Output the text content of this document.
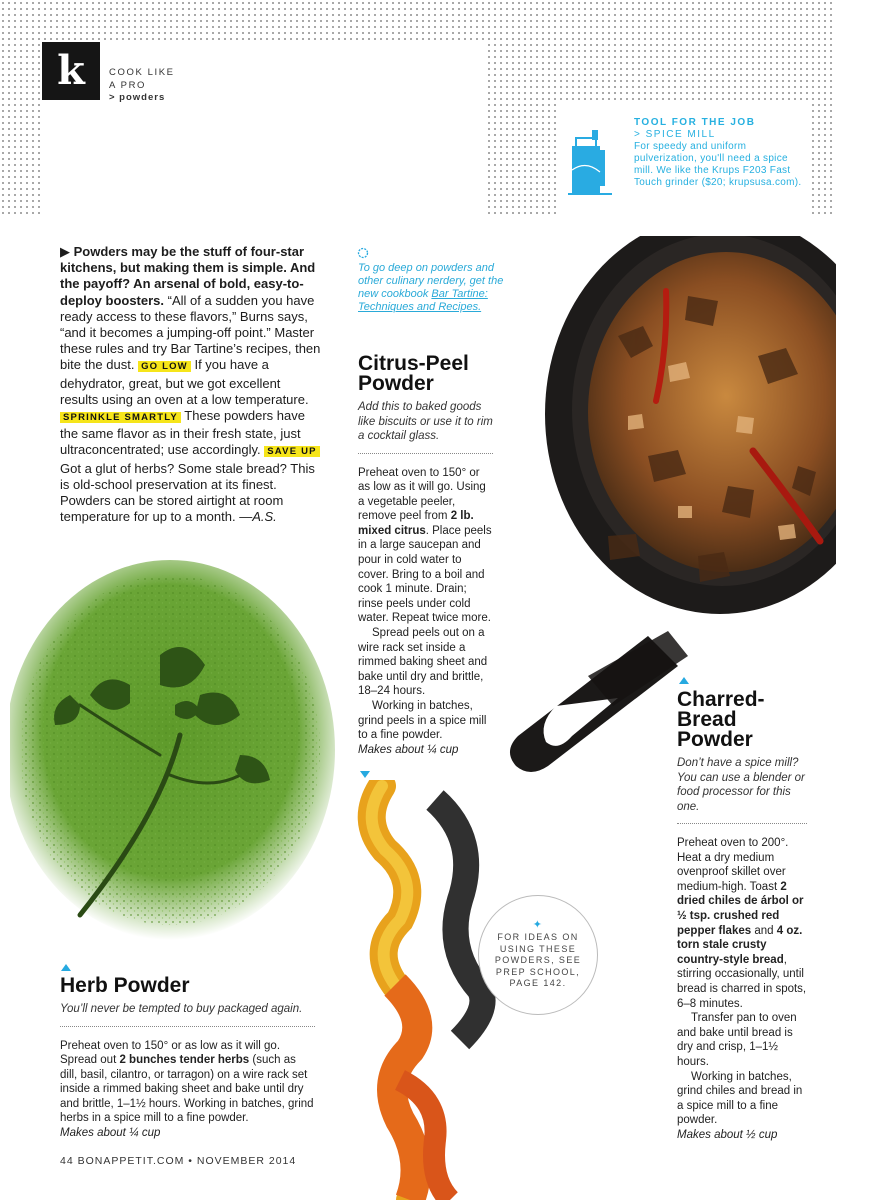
k	COOK LIKE
A PRO
> powders
TOOL FOR THE JOB
> SPICE MILL
For speedy and uniform pulverization, you'll need a spice mill. We like the Krups F203 Fast Touch grinder ($20; krupsusa.com).
▶ Powders may be the stuff of four-star kitchens, but making them is simple. And the payoff? An arsenal of bold, easy-to-deploy boosters. “All of a sudden you have ready access to these flavors,” Burns says, “and it becomes a jumping-off point.” Master these rules and try Bar Tartine’s recipes, then bite the dust. GO LOW If you have a dehydrator, great, but we got excellent results using an oven at a low temperature. SPRINKLE SMARTLY These powders have the same flavor as in their fresh state, just ultraconcentrated; use accordingly. SAVE UP Got a glut of herbs? Some stale bread? This is old-school preservation at its finest. Powders can be stored airtight at room temperature for up to a month. —A.S.
To go deep on powders and other culinary nerdery, get the new cookbook Bar Tartine: Techniques and Recipes.
Citrus-Peel Powder
Add this to baked goods like biscuits or use it to rim a cocktail glass.

Preheat oven to 150° or as low as it will go. Using a vegetable peeler, remove peel from 2 lb. mixed citrus. Place peels in a large saucepan and pour in cold water to cover. Bring to a boil and cook 1 minute. Drain; rinse peels under cold water. Repeat twice more.

Spread peels out on a wire rack set inside a rimmed baking sheet and bake until dry and brittle, 18–24 hours.

Working in batches, grind peels in a spice mill to a fine powder.

Makes about ¼ cup

✦
FOR IDEAS ON USING THESE POWDERS, SEE PREP SCHOOL, PAGE 142.
Charred-Bread Powder
Don’t have a spice mill? You can use a blender or food processor for this one.

Preheat oven to 200°. Heat a dry medium ovenproof skillet over medium-high. Toast 2 dried chiles de árbol or ½ tsp. crushed red pepper flakes and 4 oz. torn stale crusty country-style bread, stirring occasionally, until bread is charred in spots, 6–8 minutes.

Transfer pan to oven and bake until bread is dry and crisp, 1–1½ hours.

Working in batches, grind chiles and bread in a spice mill to a fine powder.

Makes about ½ cup

Herb Powder
You’ll never be tempted to buy packaged again.

Preheat oven to 150° or as low as it will go. Spread out 2 bunches tender herbs (such as dill, basil, cilantro, or tarragon) on a wire rack set inside a rimmed baking sheet and bake until dry and brittle, 1–1½ hours. Working in batches, grind herbs in a spice mill to a fine powder.

Makes about ¼ cup

44 BONAPPETIT.COM • NOVEMBER 2014
